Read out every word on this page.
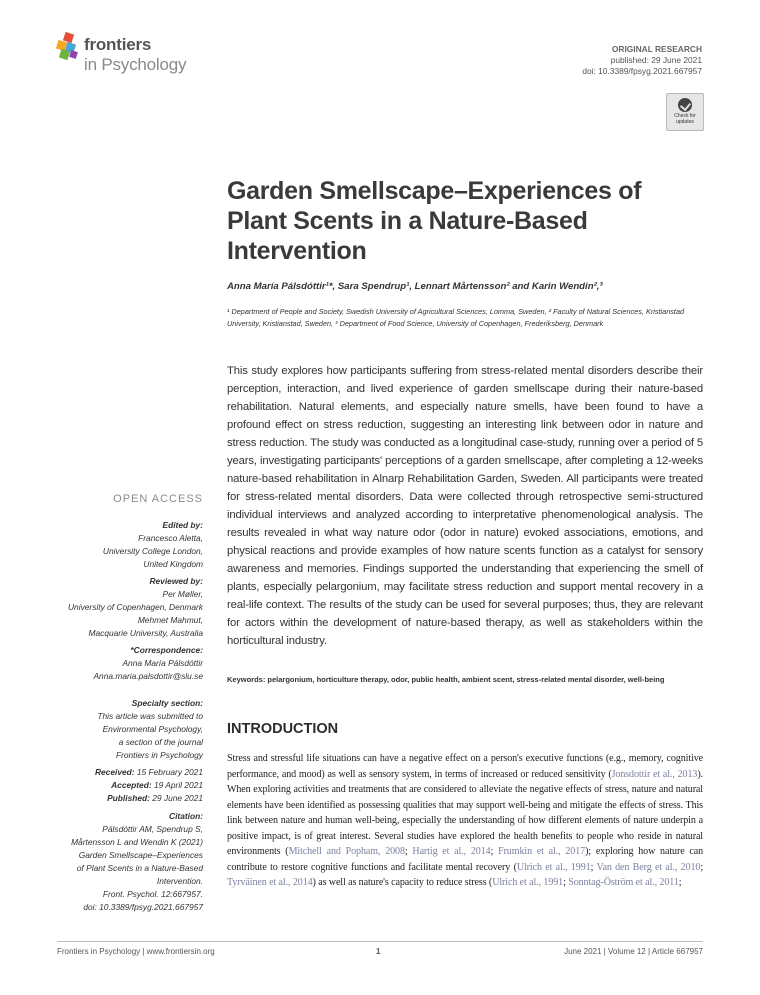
frontiers
in Psychology
ORIGINAL RESEARCH
published: 29 June 2021
doi: 10.3389/fpsyg.2021.667957
Check for updates
Garden Smellscape–Experiences of Plant Scents in a Nature-Based Intervention
Anna María Pálsdóttir¹*, Sara Spendrup¹, Lennart Mårtensson² and Karin Wendin²,³
¹ Department of People and Society, Swedish University of Agricultural Sciences, Lomma, Sweden, ² Faculty of Natural Sciences, Kristianstad University, Kristianstad, Sweden, ³ Department of Food Science, University of Copenhagen, Frederiksberg, Denmark
This study explores how participants suffering from stress-related mental disorders describe their perception, interaction, and lived experience of garden smellscape during their nature-based rehabilitation. Natural elements, and especially nature smells, have been found to have a profound effect on stress reduction, suggesting an interesting link between odor in nature and stress reduction. The study was conducted as a longitudinal case-study, running over a period of 5 years, investigating participants' perceptions of a garden smellscape, after completing a 12-weeks nature-based rehabilitation in Alnarp Rehabilitation Garden, Sweden. All participants were treated for stress-related mental disorders. Data were collected through retrospective semi-structured individual interviews and analyzed according to interpretative phenomenological analysis. The results revealed in what way nature odor (odor in nature) evoked associations, emotions, and physical reactions and provide examples of how nature scents function as a catalyst for sensory awareness and memories. Findings supported the understanding that experiencing the smell of plants, especially pelargonium, may facilitate stress reduction and support mental recovery in a real-life context. The results of the study can be used for several purposes; thus, they are relevant for actors within the development of nature-based therapy, as well as stakeholders within the horticultural industry.
Keywords: pelargonium, horticulture therapy, odor, public health, ambient scent, stress-related mental disorder, well-being
INTRODUCTION
Stress and stressful life situations can have a negative effect on a person's executive functions (e.g., memory, cognitive performance, and mood) as well as sensory system, in terms of increased or reduced sensitivity (Jonsdottir et al., 2013). When exploring activities and treatments that are considered to alleviate the negative effects of stress, nature and natural elements have been identified as possessing qualities that may support well-being and mitigate the effects of stress. This link between nature and human well-being, especially the understanding of how different elements of nature underpin a positive impact, is of great interest. Several studies have explored the health benefits to people who reside in natural environments (Mitchell and Popham, 2008; Hartig et al., 2014; Frumkin et al., 2017); exploring how nature can contribute to restore cognitive functions and facilitate mental recovery (Ulrich et al., 1991; Van den Berg et al., 2010; Tyrväinen et al., 2014) as well as nature's capacity to reduce stress (Ulrich et al., 1991; Sonntag-Öström et al., 2011;
OPEN ACCESS
Edited by:
Francesco Aletta,
University College London,
United Kingdom
Reviewed by:
Per Møller,
University of Copenhagen, Denmark
Mehmet Mahmut,
Macquarie University, Australia
*Correspondence:
Anna María Pálsdóttir
Anna.maria.palsdottir@slu.se
Specialty section:
This article was submitted to
Environmental Psychology,
a section of the journal
Frontiers in Psychology
Received: 15 February 2021
Accepted: 19 April 2021
Published: 29 June 2021
Citation:
Pálsdóttir AM, Spendrup S,
Mårtensson L and Wendin K (2021)
Garden Smellscape–Experiences
of Plant Scents in a Nature-Based
Intervention.
Front. Psychol. 12:667957.
doi: 10.3389/fpsyg.2021.667957
Frontiers in Psychology | www.frontiersin.org	1	June 2021 | Volume 12 | Article 667957
